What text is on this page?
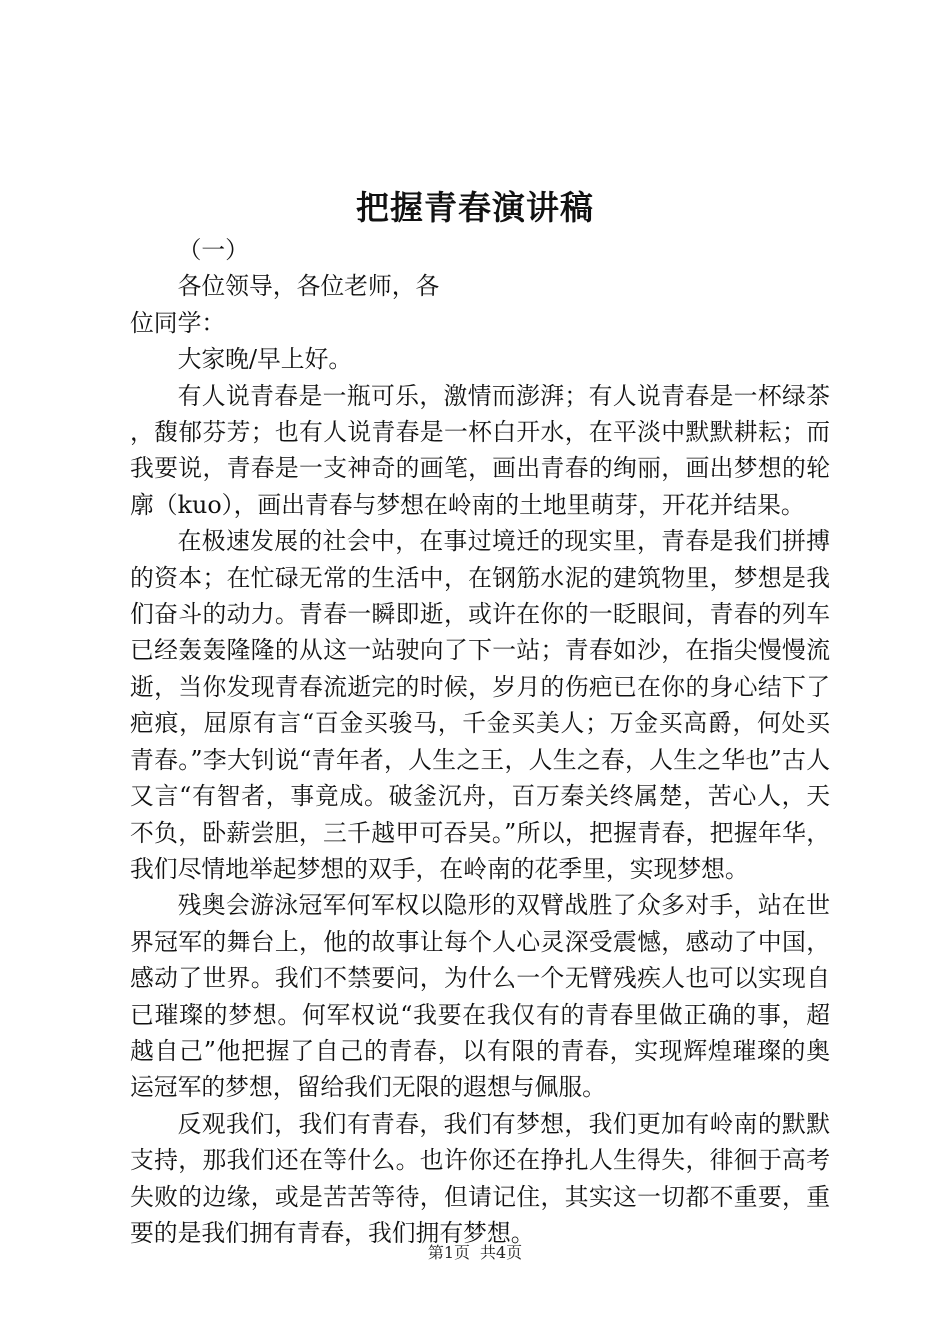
把握青春演讲稿

（一）

各位领导，各位老师，各位同学：

大家晚/早上好。

有人说青春是一瓶可乐，激情而澎湃；有人说青春是一杯绿茶，馥郁芬芳；也有人说青春是一杯白开水，在平淡中默默耕耘；而我要说，青春是一支神奇的画笔，画出青春的绚丽，画出梦想的轮廓（kuo），画出青春与梦想在岭南的土地里萌芽，开花并结果。

在极速发展的社会中，在事过境迁的现实里，青春是我们拼搏的资本；在忙碌无常的生活中，在钢筋水泥的建筑物里，梦想是我们奋斗的动力。青春一瞬即逝，或许在你的一眨眼间，青春的列车已经轰轰隆隆的从这一站驶向了下一站；青春如沙，在指尖慢慢流逝，当你发现青春流逝完的时候，岁月的伤疤已在你的身心结下了疤痕，屈原有言“百金买骏马，千金买美人；万金买高爵，何处买青春。”李大钊说“青年者，人生之王，人生之春，人生之华也”古人又言“有智者，事竟成。破釜沉舟，百万秦关终属楚，苦心人，天不负，卧薪尝胆，三千越甲可吞吴。”所以，把握青春，把握年华，我们尽情地举起梦想的双手，在岭南的花季里，实现梦想。

残奥会游泳冠军何军权以隐形的双臂战胜了众多对手，站在世界冠军的舞台上，他的故事让每个人心灵深受震憾，感动了中国，感动了世界。我们不禁要问，为什么一个无臂残疾人也可以实现自已璀璨的梦想。何军权说“我要在我仅有的青春里做正确的事，超越自己”他把握了自己的青春，以有限的青春，实现辉煌璀璨的奥运冠军的梦想，留给我们无限的遐想与佩服。

反观我们，我们有青春，我们有梦想，我们更加有岭南的默默支持，那我们还在等什么。也许你还在挣扎人生得失，徘徊于高考失败的边缘，或是苦苦等待，但请记住，其实这一切都不重要，重要的是我们拥有青春，我们拥有梦想。

第1页 共4页
